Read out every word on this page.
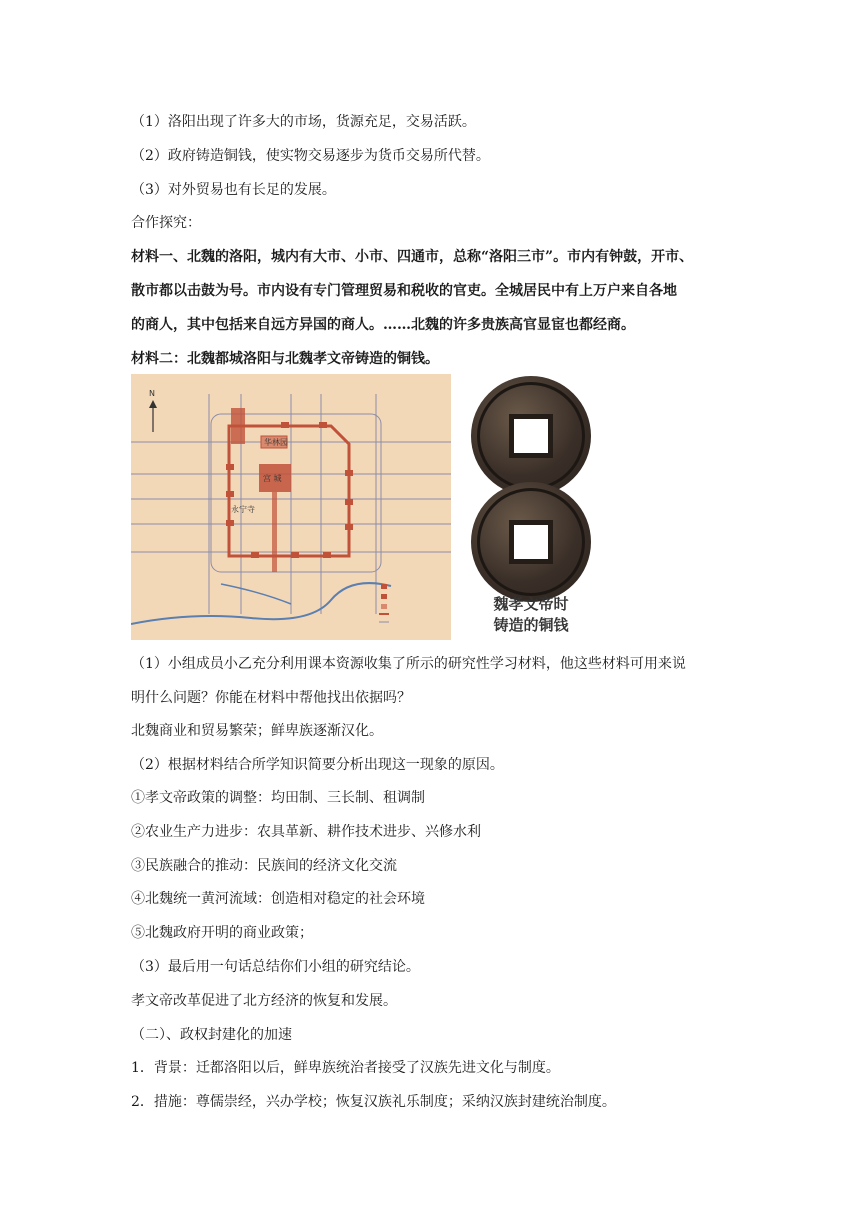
（1）洛阳出现了许多大的市场，货源充足，交易活跃。
（2）政府铸造铜钱，使实物交易逐步为货币交易所代替。
（3）对外贸易也有长足的发展。
合作探究：
材料一、北魏的洛阳，城内有大市、小市、四通市，总称“洛阳三市”。市内有钟鼓，开市、
散市都以击鼓为号。市内设有专门管理贸易和税收的官吏。全城居民中有上万户来自各地
的商人，其中包括来自远方异国的商人。……北魏的许多贵族高官显宦也都经商。
材料二：北魏都城洛阳与北魏孝文帝铸造的铜钱。
N
华林园
宫 城
永宁寺
魏孝文帝时
铸造的铜钱
（1）小组成员小乙充分利用课本资源收集了所示的研究性学习材料，他这些材料可用来说
明什么问题？你能在材料中帮他找出依据吗？
北魏商业和贸易繁荣；鲜卑族逐渐汉化。
（2）根据材料结合所学知识简要分析出现这一现象的原因。
①孝文帝政策的调整：均田制、三长制、租调制
②农业生产力进步：农具革新、耕作技术进步、兴修水利
③民族融合的推动：民族间的经济文化交流
④北魏统一黄河流域：创造相对稳定的社会环境
⑤北魏政府开明的商业政策；
（3）最后用一句话总结你们小组的研究结论。
孝文帝改革促进了北方经济的恢复和发展。
（二）、政权封建化的加速
1．背景：迁都洛阳以后，鲜卑族统治者接受了汉族先进文化与制度。
2．措施：尊儒崇经，兴办学校；恢复汉族礼乐制度；采纳汉族封建统治制度。
